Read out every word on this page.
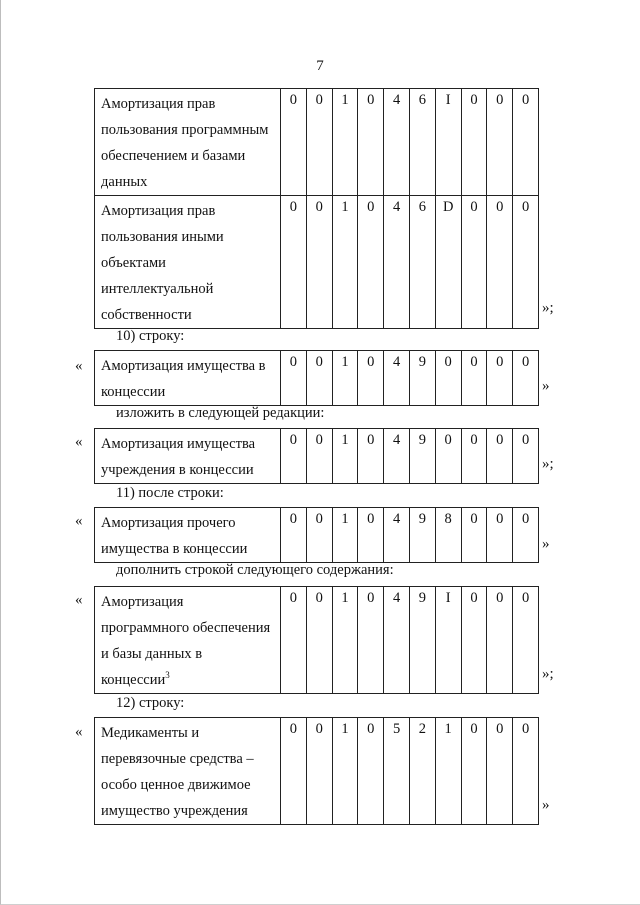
7
Амортизация прав
пользования программным
обеспечением и базами
данных	0	0	1	0	4	6	I	0	0	0

Амортизация прав
пользования иными
объектами
интеллектуальной
собственности	0	0	1	0	4	6	D	0	0	0
»;
10) строку:
« Амортизация имущества в
концессии
	0	0	1	0	4	9	0	0	0	0
»
изложить в следующей редакции:
« Амортизация имущества
учреждения в концессии
	0	0	1	0	4	9	0	0	0	0
»;
11) после строки:
« Амортизация прочего
имущества в концессии
	0	0	1	0	4	9	8	0	0	0
»
дополнить строкой следующего содержания:
« Амортизация
программного обеспечения
и базы данных в
концессии$^3$
	0	0	1	0	4	9	I	0	0	0
»;
12) строку:
« Медикаменты и
перевязочные средства –
особо ценное движимое
имущество учреждения
	0	0	1	0	5	2	1	0	0	0
»
